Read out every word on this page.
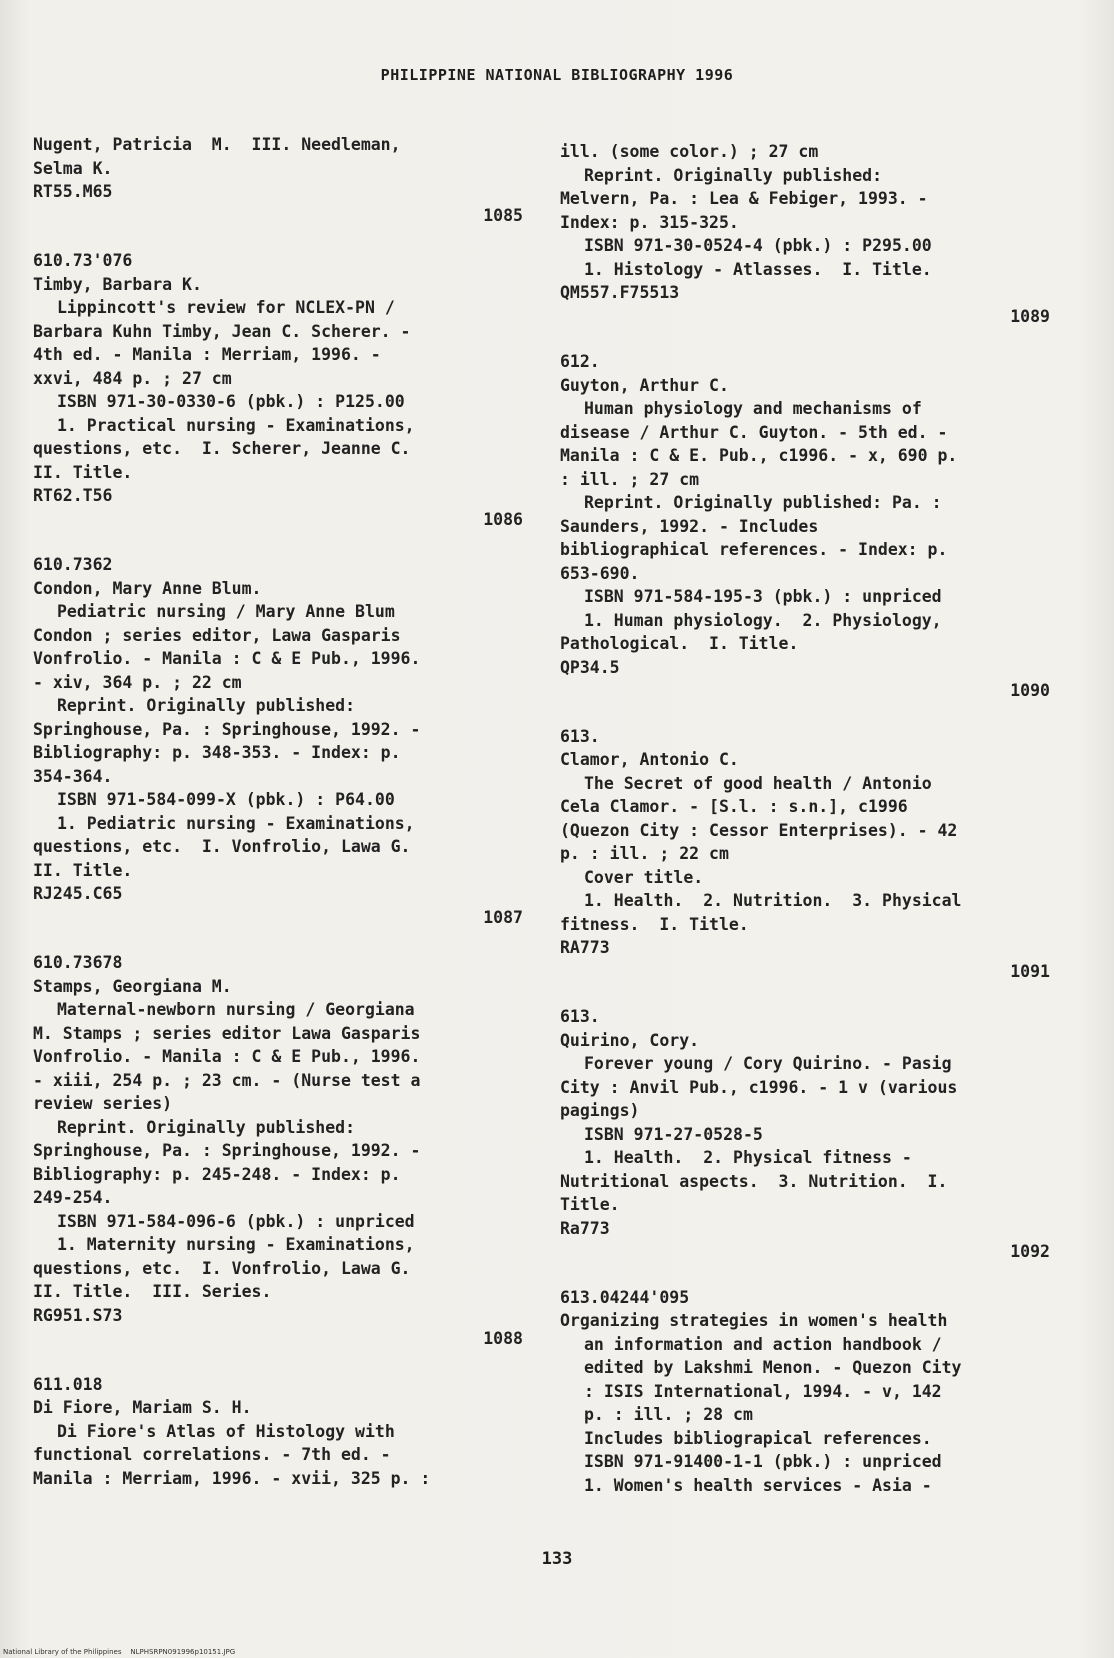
PHILIPPINE NATIONAL BIBLIOGRAPHY 1996
Nugent, Patricia  M.  III. Needleman,
Selma K.
RT55.M65
1085
610.73'076
Timby, Barbara K.
Lippincott's review for NCLEX-PN /
Barbara Kuhn Timby, Jean C. Scherer. -
4th ed. - Manila : Merriam, 1996. -
xxvi, 484 p. ; 27 cm
ISBN 971-30-0330-6 (pbk.) : P125.00
1. Practical nursing - Examinations,
questions, etc.  I. Scherer, Jeanne C.
II. Title.
RT62.T56
1086
610.7362
Condon, Mary Anne Blum.
Pediatric nursing / Mary Anne Blum
Condon ; series editor, Lawa Gasparis
Vonfrolio. - Manila : C & E Pub., 1996.
- xiv, 364 p. ; 22 cm
Reprint. Originally published:
Springhouse, Pa. : Springhouse, 1992. -
Bibliography: p. 348-353. - Index: p.
354-364.
ISBN 971-584-099-X (pbk.) : P64.00
1. Pediatric nursing - Examinations,
questions, etc.  I. Vonfrolio, Lawa G.
II. Title.
RJ245.C65
1087
610.73678
Stamps, Georgiana M.
Maternal-newborn nursing / Georgiana
M. Stamps ; series editor Lawa Gasparis
Vonfrolio. - Manila : C & E Pub., 1996.
- xiii, 254 p. ; 23 cm. - (Nurse test a
review series)
Reprint. Originally published:
Springhouse, Pa. : Springhouse, 1992. -
Bibliography: p. 245-248. - Index: p.
249-254.
ISBN 971-584-096-6 (pbk.) : unpriced
1. Maternity nursing - Examinations,
questions, etc.  I. Vonfrolio, Lawa G.
II. Title.  III. Series.
RG951.S73
1088
611.018
Di Fiore, Mariam S. H.
Di Fiore's Atlas of Histology with
functional correlations. - 7th ed. -
Manila : Merriam, 1996. - xvii, 325 p. :
ill. (some color.) ; 27 cm
Reprint. Originally published:
Melvern, Pa. : Lea & Febiger, 1993. -
Index: p. 315-325.
ISBN 971-30-0524-4 (pbk.) : P295.00
1. Histology - Atlasses.  I. Title.
QM557.F75513
1089
612.
Guyton, Arthur C.
Human physiology and mechanisms of
disease / Arthur C. Guyton. - 5th ed. -
Manila : C & E. Pub., c1996. - x, 690 p.
: ill. ; 27 cm
Reprint. Originally published: Pa. :
Saunders, 1992. - Includes
bibliographical references. - Index: p.
653-690.
ISBN 971-584-195-3 (pbk.) : unpriced
1. Human physiology.  2. Physiology,
Pathological.  I. Title.
QP34.5
1090
613.
Clamor, Antonio C.
The Secret of good health / Antonio
Cela Clamor. - [S.l. : s.n.], c1996
(Quezon City : Cessor Enterprises). - 42
p. : ill. ; 22 cm
Cover title.
1. Health.  2. Nutrition.  3. Physical
fitness.  I. Title.
RA773
1091
613.
Quirino, Cory.
Forever young / Cory Quirino. - Pasig
City : Anvil Pub., c1996. - 1 v (various
pagings)
ISBN 971-27-0528-5
1. Health.  2. Physical fitness -
Nutritional aspects.  3. Nutrition.  I.
Title.
Ra773
1092
613.04244'095
Organizing strategies in women's health
an information and action handbook /
edited by Lakshmi Menon. - Quezon City
: ISIS International, 1994. - v, 142
p. : ill. ; 28 cm
Includes bibliograpical references.
ISBN 971-91400-1-1 (pbk.) : unpriced
1. Women's health services - Asia -
133
National Library of the Philippines    NLPHSRPN091996p10151.JPG
